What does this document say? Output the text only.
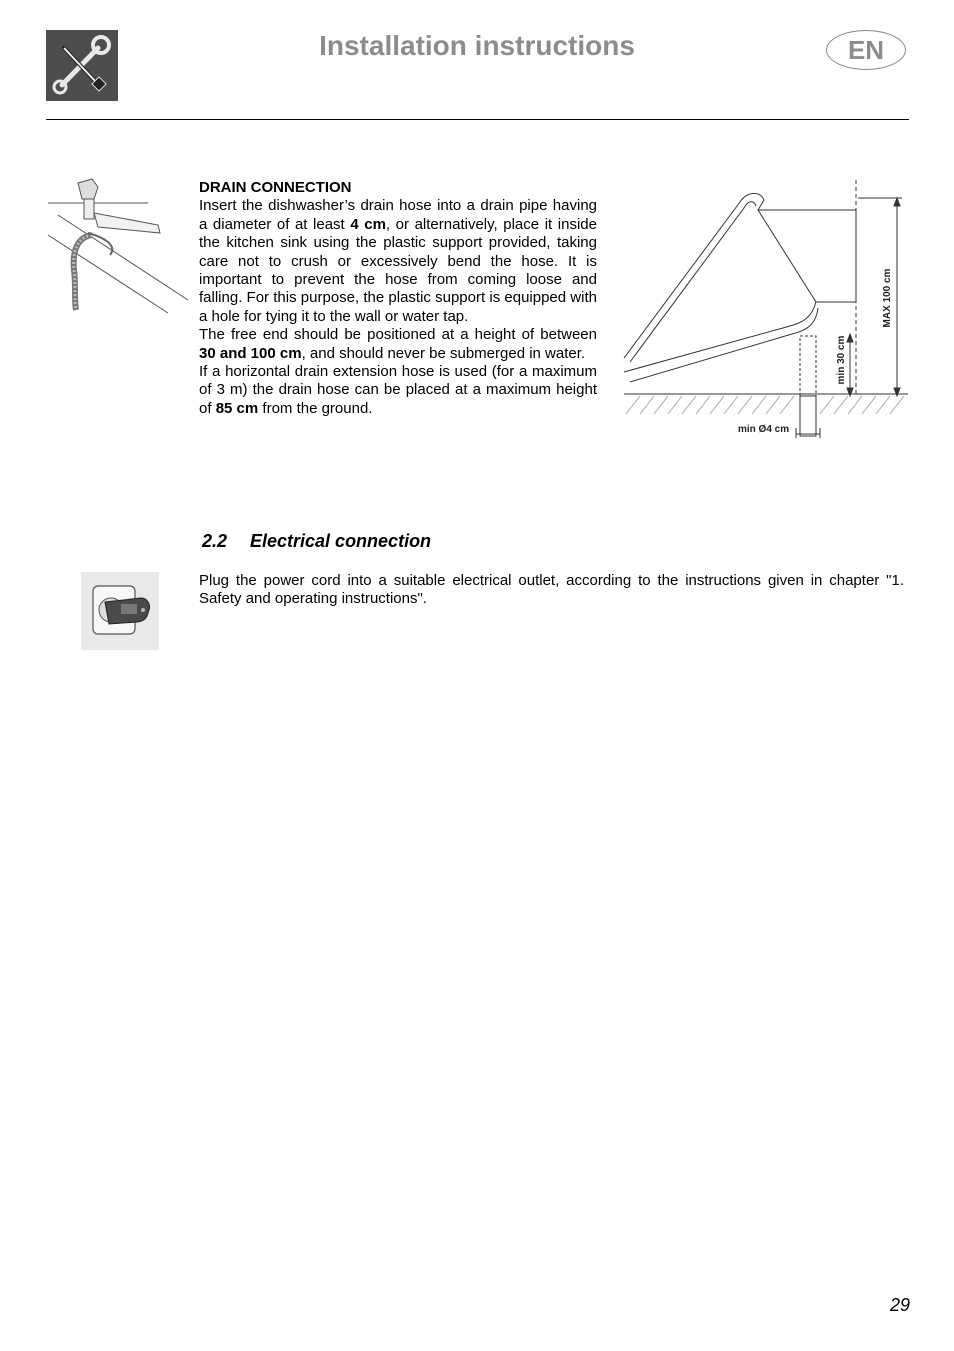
Installation instructions	EN
DRAIN CONNECTION

Insert the dishwasher’s drain hose into a drain pipe having a diameter of at least 4 cm, or alternatively, place it inside the kitchen sink using the plastic support provided, taking care not to crush or excessively bend the hose. It is important to prevent the hose from coming loose and falling. For this purpose, the plastic support is equipped with a hole for tying it to the wall or water tap.

The free end should be positioned at a height of between 30 and 100 cm, and should never be submerged in water.

If a horizontal drain extension hose is used (for a maximum of 3 m) the drain hose can be placed at a maximum height of 85 cm from the ground.

MAX 100 cm
min 30 cm
min Ø4 cm
2.2 Electrical connection
Plug the power cord into a suitable electrical outlet, according to the instructions given in chapter "1. Safety and operating instructions".
29
